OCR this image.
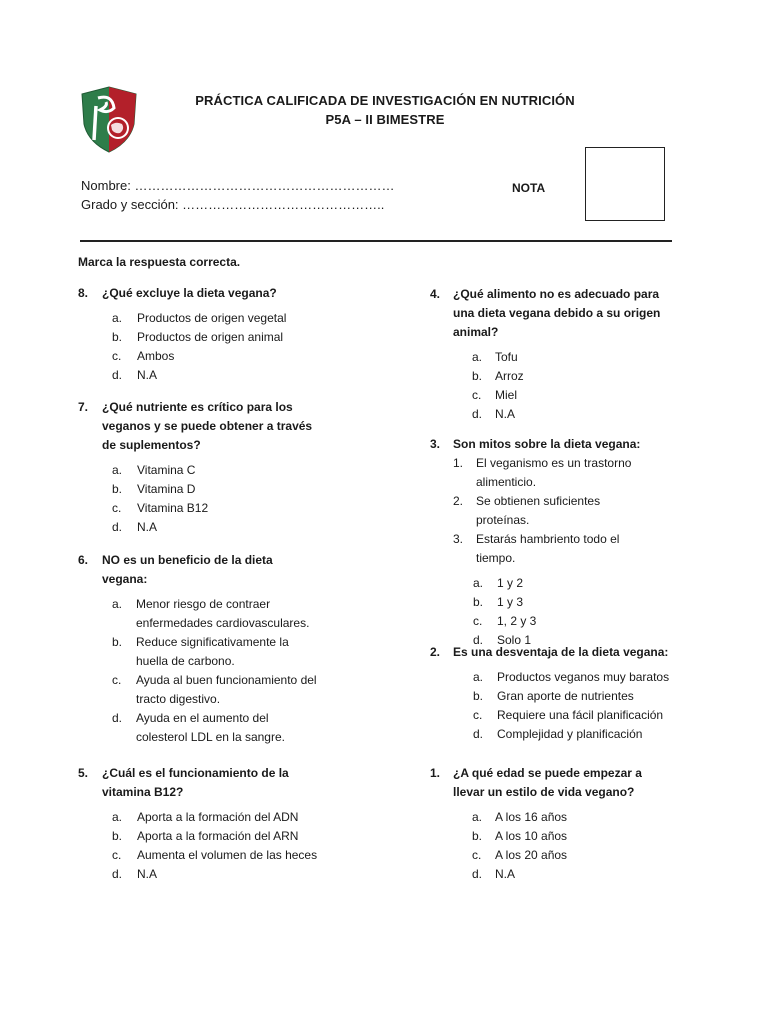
PRÁCTICA CALIFICADA DE INVESTIGACIÓN EN NUTRICIÓN
P5A – II BIMESTRE
Nombre: ……………………………………………………
Grado y sección: ………………………………………..
NOTA
Marca la respuesta correcta.
8.	¿Qué excluye la dieta vegana?
a.	Productos de origen vegetal
b.	Productos de origen animal
c.	Ambos
d.	N.A
7.	¿Qué nutriente es crítico para los veganos y se puede obtener a través de suplementos?
a.	Vitamina C
b.	Vitamina D
c.	Vitamina B12
d.	N.A
6.	NO es un beneficio de la dieta vegana:
a.	Menor riesgo de contraer enfermedades cardiovasculares.
b.	Reduce significativamente la huella de carbono.
c.	Ayuda al buen funcionamiento del tracto digestivo.
d.	Ayuda en el aumento del colesterol LDL en la sangre.
5.	¿Cuál es el funcionamiento de la vitamina B12?
a.	Aporta a la formación del ADN
b.	Aporta a la formación del ARN
c.	Aumenta el volumen de las heces
d.	N.A
4.	¿Qué alimento no es adecuado para una dieta vegana debido a su origen animal?
a.	Tofu
b.	Arroz
c.	Miel
d.	N.A
3.	Son mitos sobre la dieta vegana:
1.	El veganismo es un trastorno alimenticio.
2.	Se obtienen suficientes proteínas.
3.	Estarás hambriento todo el tiempo.
a.	1 y 2
b.	1 y 3
c.	1, 2 y 3
d.	Solo 1
2.	Es una desventaja de la dieta vegana:
a.	Productos veganos muy baratos
b.	Gran aporte de nutrientes
c.	Requiere una fácil planificación
d.	Complejidad y planificación
1.	¿A qué edad se puede empezar a llevar un estilo de vida vegano?
a.	A los 16 años
b.	A los 10 años
c.	A los 20 años
d.	N.A
